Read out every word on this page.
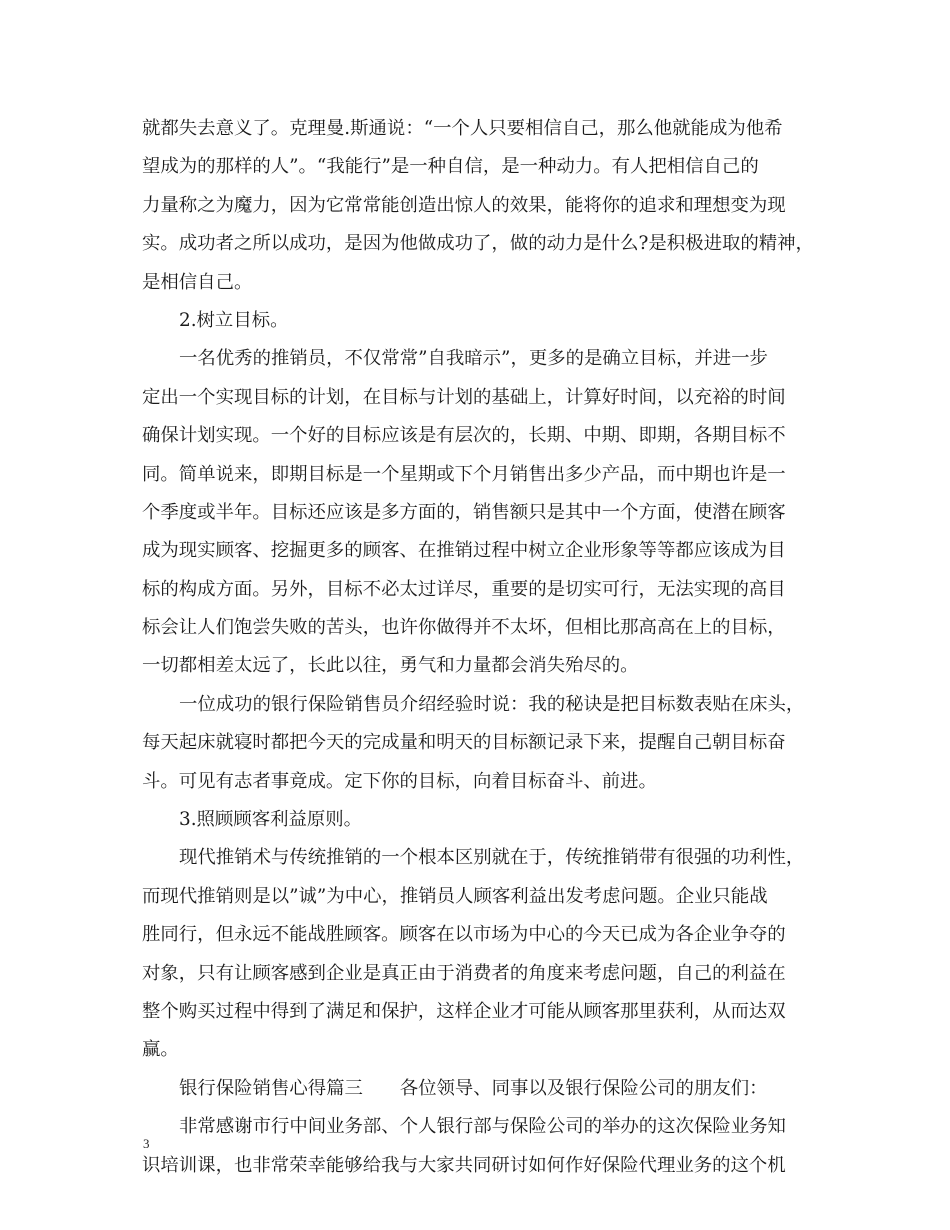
就都失去意义了。克理曼.斯通说：“一个人只要相信自己，那么他就能成为他希
望成为的那样的人”。“我能行”是一种自信，是一种动力。有人把相信自己的
力量称之为魔力，因为它常常能创造出惊人的效果，能将你的追求和理想变为现
实。成功者之所以成功，是因为他做成功了，做的动力是什么?是积极进取的精神，
是相信自己。
2.树立目标。
一名优秀的推销员，不仅常常”自我暗示”，更多的是确立目标，并进一步
定出一个实现目标的计划，在目标与计划的基础上，计算好时间，以充裕的时间
确保计划实现。一个好的目标应该是有层次的，长期、中期、即期，各期目标不
同。简单说来，即期目标是一个星期或下个月销售出多少产品，而中期也许是一
个季度或半年。目标还应该是多方面的，销售额只是其中一个方面，使潜在顾客
成为现实顾客、挖掘更多的顾客、在推销过程中树立企业形象等等都应该成为目
标的构成方面。另外，目标不必太过详尽，重要的是切实可行，无法实现的高目
标会让人们饱尝失败的苦头，也许你做得并不太坏，但相比那高高在上的目标，
一切都相差太远了，长此以往，勇气和力量都会消失殆尽的。
一位成功的银行保险销售员介绍经验时说：我的秘诀是把目标数表贴在床头，
每天起床就寝时都把今天的完成量和明天的目标额记录下来，提醒自己朝目标奋
斗。可见有志者事竟成。定下你的目标，向着目标奋斗、前进。
3.照顾顾客利益原则。
现代推销术与传统推销的一个根本区别就在于，传统推销带有很强的功利性，
而现代推销则是以”诚”为中心，推销员人顾客利益出发考虑问题。企业只能战
胜同行，但永远不能战胜顾客。顾客在以市场为中心的今天已成为各企业争夺的
对象，只有让顾客感到企业是真正由于消费者的角度来考虑问题，自己的利益在
整个购买过程中得到了满足和保护，这样企业才可能从顾客那里获利，从而达双
赢。
银行保险销售心得篇三　　各位领导、同事以及银行保险公司的朋友们：
非常感谢市行中间业务部、个人银行部与保险公司的举办的这次保险业务知
识培训课，也非常荣幸能够给我与大家共同研讨如何作好保险代理业务的这个机
3
